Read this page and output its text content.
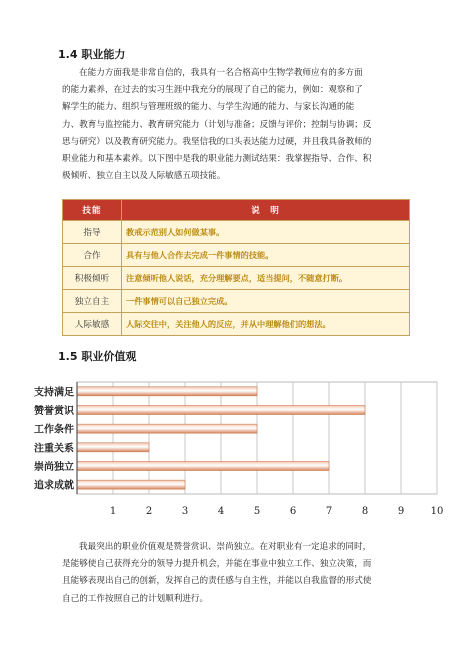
1.4 职业能力
在能力方面我是非常自信的，我具有一名合格高中生物学教师应有的多方面
的能力素养，在过去的实习生涯中我充分的展现了自己的能力，例如：观察和了
解学生的能力、组织与管理班级的能力、与学生沟通的能力、与家长沟通的能
力、教育与监控能力、教育研究能力（计划与准备；反馈与评价；控制与协调；反
思与研究）以及教育研究能力。我坚信我的口头表达能力过硬，并且我具备教师的
职业能力和基本素养。以下图中是我的职业能力测试结果：我掌握指导、合作、积
极倾听、独立自主以及人际敏感五项技能。
技能	说　明
指导	教戒示范别人如何做某事。
合作	具有与他人合作去完成一件事情的技能。
积极倾听	注意倾听他人说话，充分理解要点，适当提问，不随意打断。
独立自主	一件事情可以自己独立完成。
人际敏感	人际交往中，关注他人的反应，并从中理解他们的想法。
1.5 职业价值观
支持满足
赞誉赏识
工作条件
注重关系
崇尚独立
追求成就
1	2	3	4	5	6	7	8	9	10
我最突出的职业价值观是赞誉赏识、崇尚独立。在对职业有一定追求的同时，
是能够使自己获得充分的领导力提升机会，并能在事业中独立工作、独立决策，而
且能够表现出自己的创新，发挥自己的责任感与自主性，并能以自我监督的形式使
自己的工作按照自己的计划顺利进行。
